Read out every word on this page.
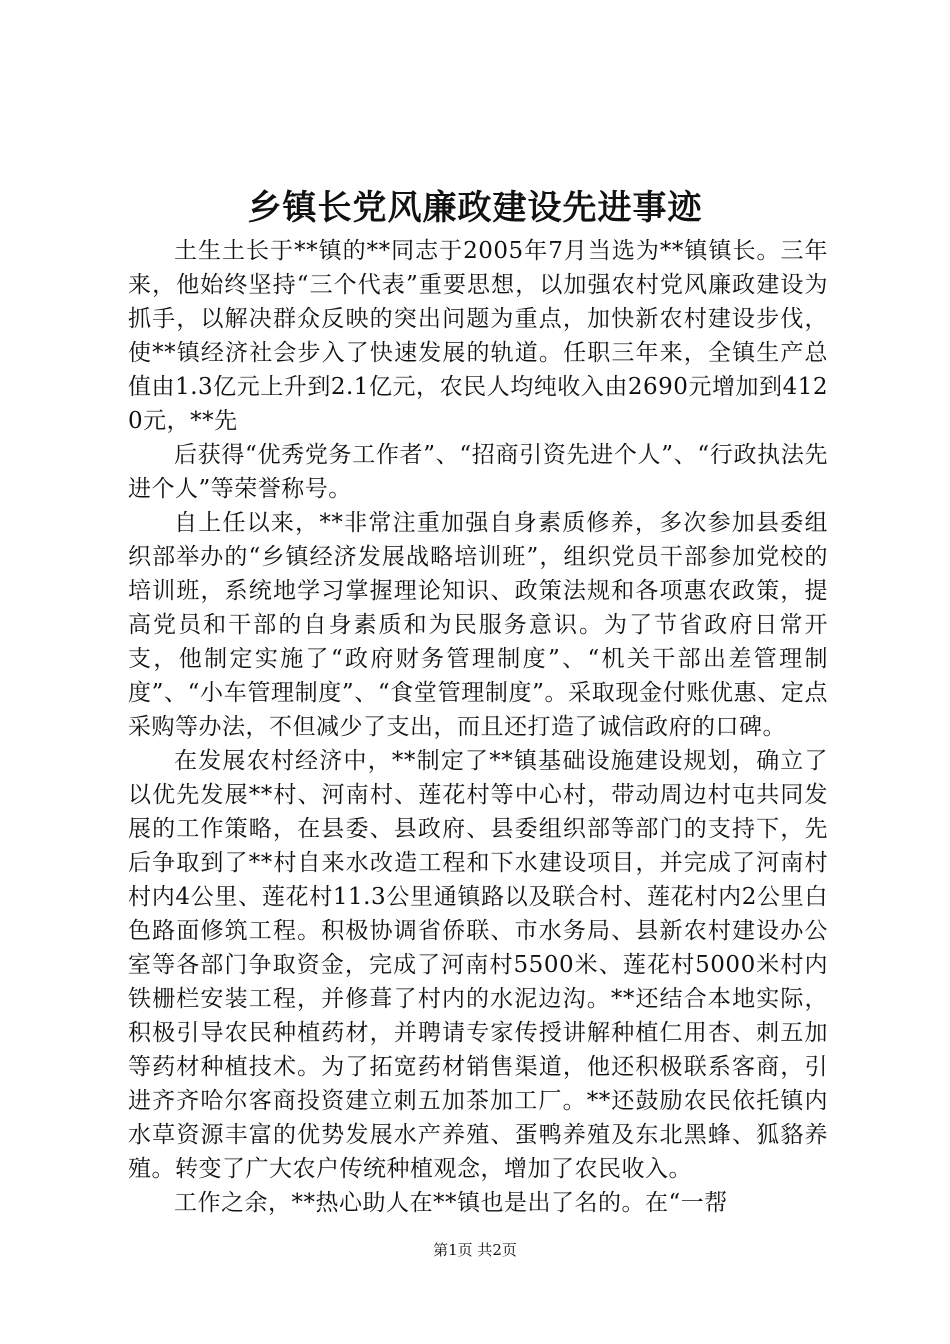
乡镇长党风廉政建设先进事迹

土生土长于**镇的**同志于2005年7月当选为**镇镇长。三年来，他始终坚持“三个代表”重要思想，以加强农村党风廉政建设为抓手，以解决群众反映的突出问题为重点，加快新农村建设步伐，使**镇经济社会步入了快速发展的轨道。任职三年来，全镇生产总值由1.3亿元上升到2.1亿元，农民人均纯收入由2690元增加到4120元，**先

后获得“优秀党务工作者”、“招商引资先进个人”、“行政执法先进个人”等荣誉称号。

自上任以来，**非常注重加强自身素质修养，多次参加县委组织部举办的“乡镇经济发展战略培训班”，组织党员干部参加党校的培训班，系统地学习掌握理论知识、政策法规和各项惠农政策，提高党员和干部的自身素质和为民服务意识。为了节省政府日常开支，他制定实施了“政府财务管理制度”、“机关干部出差管理制度”、“小车管理制度”、“食堂管理制度”。采取现金付账优惠、定点采购等办法，不但减少了支出，而且还打造了诚信政府的口碑。

在发展农村经济中，**制定了**镇基础设施建设规划，确立了以优先发展**村、河南村、莲花村等中心村，带动周边村屯共同发展的工作策略，在县委、县政府、县委组织部等部门的支持下，先后争取到了**村自来水改造工程和下水建设项目，并完成了河南村村内4公里、莲花村11.3公里通镇路以及联合村、莲花村内2公里白色路面修筑工程。积极协调省侨联、市水务局、县新农村建设办公室等各部门争取资金，完成了河南村5500米、莲花村5000米村内铁栅栏安装工程，并修葺了村内的水泥边沟。**还结合本地实际，积极引导农民种植药材，并聘请专家传授讲解种植仁用杏、刺五加等药材种植技术。为了拓宽药材销售渠道，他还积极联系客商，引进齐齐哈尔客商投资建立刺五加茶加工厂。**还鼓励农民依托镇内水草资源丰富的优势发展水产养殖、蛋鸭养殖及东北黑蜂、狐貉养殖。转变了广大农户传统种植观念，增加了农民收入。

工作之余，**热心助人在**镇也是出了名的。在“一帮

第1页 共2页
